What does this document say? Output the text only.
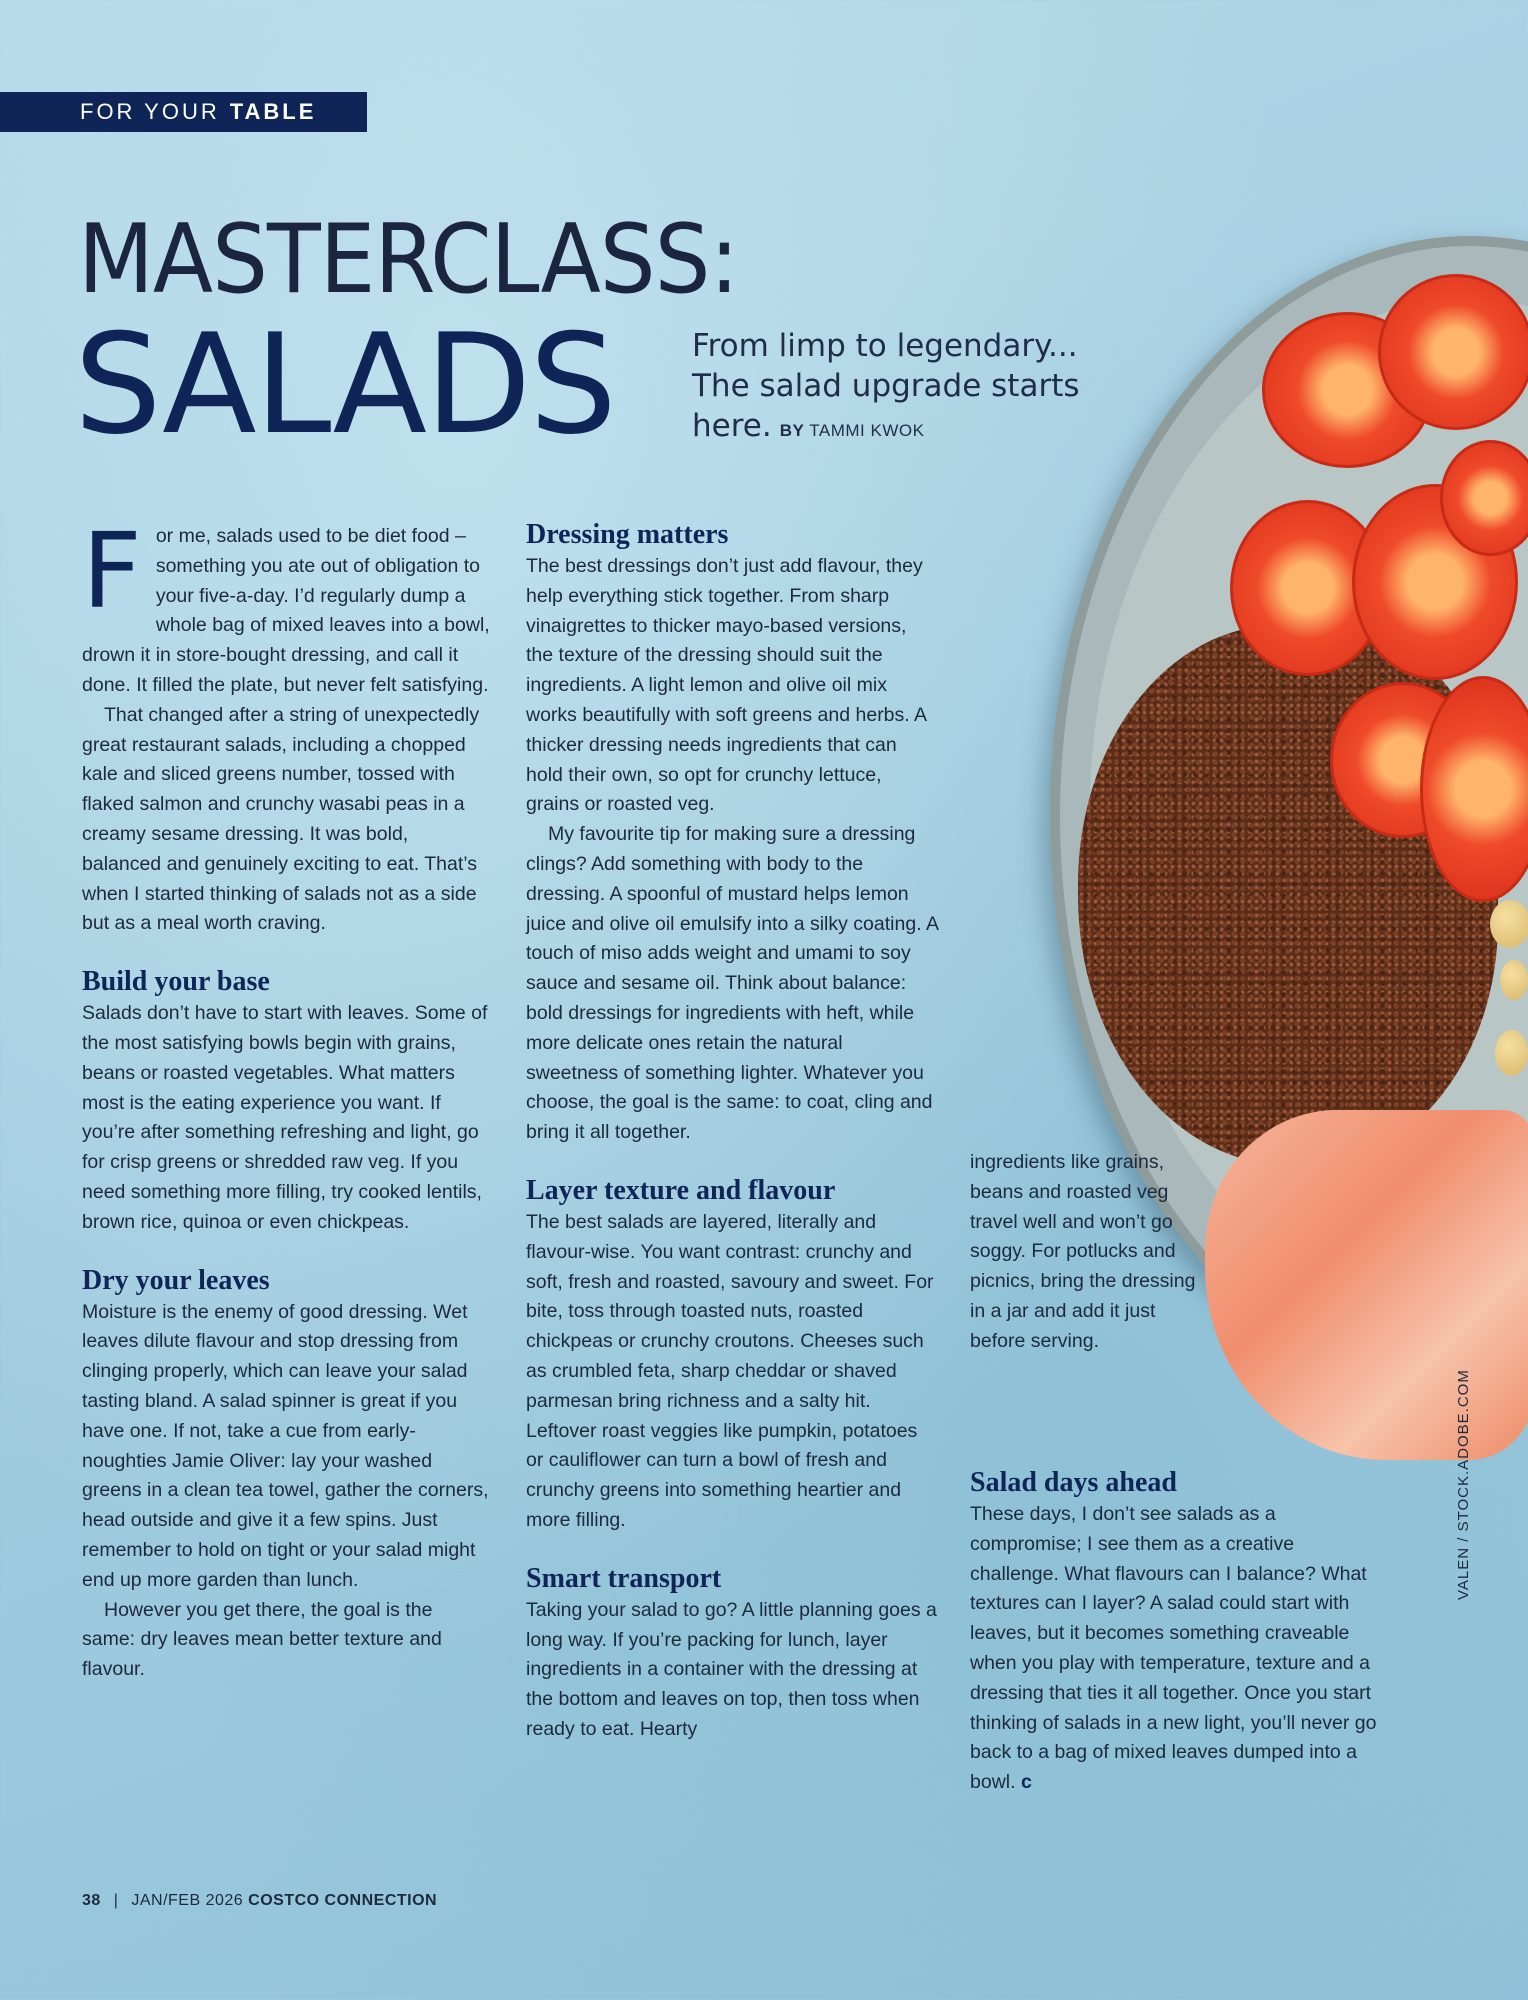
FOR YOUR TABLE
MASTERCLASS:
SALADS From limp to legendary... The salad upgrade starts here. BY TAMMI KWOK
F or me, salads used to be diet food – something you ate out of obligation to your five-a-day. I’d regularly dump a whole bag of mixed leaves into a bowl, drown it in store-bought dressing, and call it done. It filled the plate, but never felt satisfying.

That changed after a string of unexpectedly great restaurant salads, including a chopped kale and sliced greens number, tossed with flaked salmon and crunchy wasabi peas in a creamy sesame dressing. It was bold, balanced and genuinely exciting to eat. That’s when I started thinking of salads not as a side but as a meal worth craving.

Build your base

Salads don’t have to start with leaves. Some of the most satisfying bowls begin with grains, beans or roasted vegetables. What matters most is the eating experience you want. If you’re after something refreshing and light, go for crisp greens or shredded raw veg. If you need something more filling, try cooked lentils, brown rice, quinoa or even chickpeas.

Dry your leaves

Moisture is the enemy of good dressing. Wet leaves dilute flavour and stop dressing from clinging properly, which can leave your salad tasting bland. A salad spinner is great if you have one. If not, take a cue from early-noughties Jamie Oliver: lay your washed greens in a clean tea towel, gather the corners, head outside and give it a few spins. Just remember to hold on tight or your salad might end up more garden than lunch.

However you get there, the goal is the same: dry leaves mean better texture and flavour.

Dressing matters

The best dressings don’t just add flavour, they help everything stick together. From sharp vinaigrettes to thicker mayo-based versions, the texture of the dressing should suit the ingredients. A light lemon and olive oil mix works beautifully with soft greens and herbs. A thicker dressing needs ingredients that can hold their own, so opt for crunchy lettuce, grains or roasted veg.

My favourite tip for making sure a dressing clings? Add something with body to the dressing. A spoonful of mustard helps lemon juice and olive oil emulsify into a silky coating. A touch of miso adds weight and umami to soy sauce and sesame oil. Think about balance: bold dressings for ingredients with heft, while more delicate ones retain the natural sweetness of something lighter. Whatever you choose, the goal is the same: to coat, cling and bring it all together.

Layer texture and flavour

The best salads are layered, literally and flavour-wise. You want contrast: crunchy and soft, fresh and roasted, savoury and sweet. For bite, toss through toasted nuts, roasted chickpeas or crunchy croutons. Cheeses such as crumbled feta, sharp cheddar or shaved parmesan bring richness and a salty hit. Leftover roast veggies like pumpkin, potatoes or cauliflower can turn a bowl of fresh and crunchy greens into something heartier and more filling.

Smart transport

Taking your salad to go? A little planning goes a long way. If you’re packing for lunch, layer ingredients in a container with the dressing at the bottom and leaves on top, then toss when ready to eat. Hearty

ingredients like grains, beans and roasted veg travel well and won’t go soggy. For potlucks and picnics, bring the dressing in a jar and add it just before serving.

Salad days ahead

These days, I don’t see salads as a compromise; I see them as a creative challenge. What flavours can I balance? What textures can I layer? A salad could start with leaves, but it becomes something craveable when you play with temperature, texture and a dressing that ties it all together. Once you start thinking of salads in a new light, you’ll never go back to a bag of mixed leaves dumped into a bowl. c

VALEN / STOCK.ADOBE.COM
38 | JAN/FEB 2026 COSTCO CONNECTION
